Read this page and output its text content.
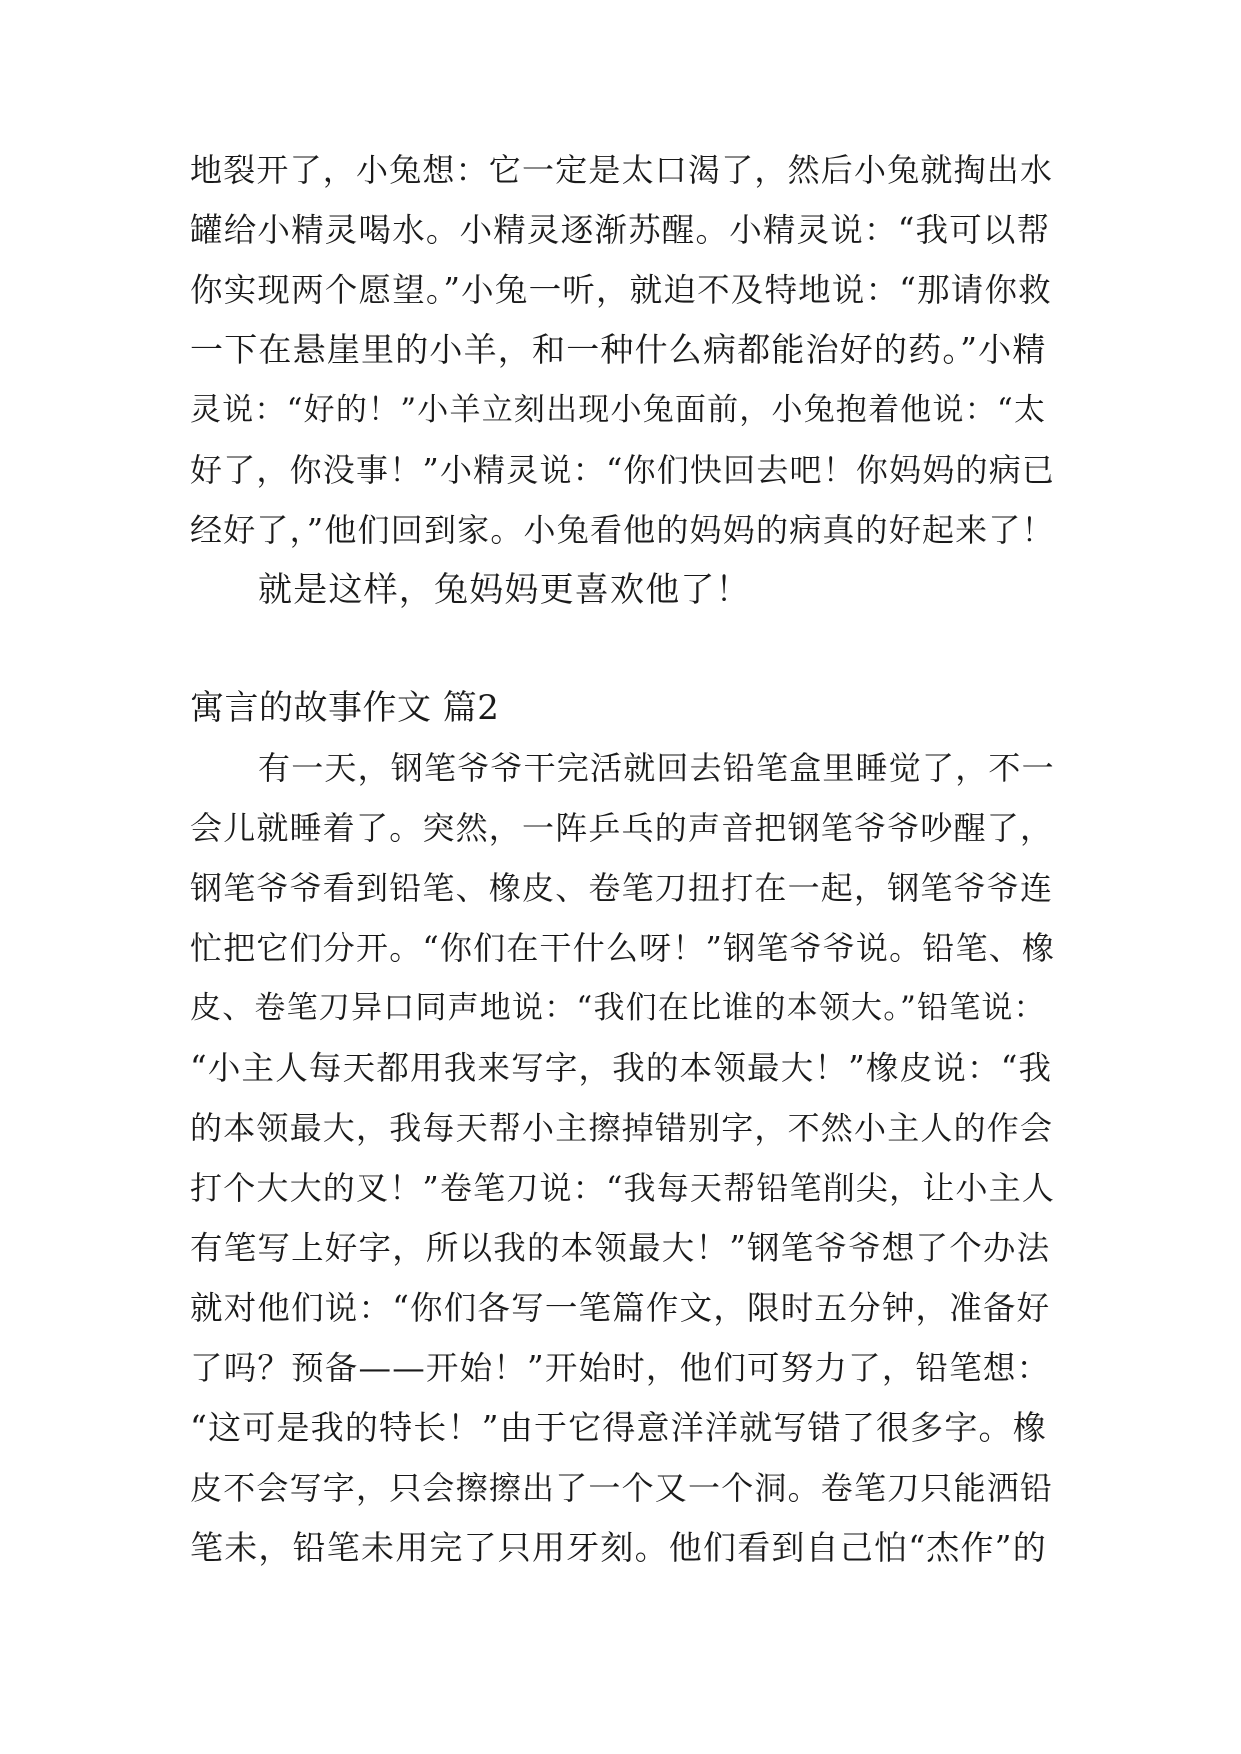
地裂开了，小兔想：它一定是太口渴了，然后小兔就掏出水
罐给小精灵喝水。小精灵逐渐苏醒。小精灵说：“我可以帮
你实现两个愿望。”小兔一听，就迫不及特地说：“那请你救
一下在悬崖里的小羊，和一种什么病都能治好的药。”小精
灵说：“好的！”小羊立刻出现小兔面前，小兔抱着他说：“太
好了，你没事！”小精灵说：“你们快回去吧！你妈妈的病已
经好了，”他们回到家。小兔看他的妈妈的病真的好起来了！
就是这样，兔妈妈更喜欢他了！
寓言的故事作文 篇2
有一天，钢笔爷爷干完活就回去铅笔盒里睡觉了，不一
会儿就睡着了。突然，一阵乒乓的声音把钢笔爷爷吵醒了，
钢笔爷爷看到铅笔、橡皮、卷笔刀扭打在一起，钢笔爷爷连
忙把它们分开。“你们在干什么呀！”钢笔爷爷说。铅笔、橡
皮、卷笔刀异口同声地说：“我们在比谁的本领大。”铅笔说：
“小主人每天都用我来写字，我的本领最大！”橡皮说：“我
的本领最大，我每天帮小主擦掉错别字，不然小主人的作会
打个大大的叉！”卷笔刀说：“我每天帮铅笔削尖，让小主人
有笔写上好字，所以我的本领最大！”钢笔爷爷想了个办法
就对他们说：“你们各写一笔篇作文，限时五分钟，准备好
了吗？预备——开始！”开始时，他们可努力了，铅笔想：
“这可是我的特长！”由于它得意洋洋就写错了很多字。橡
皮不会写字，只会擦擦出了一个又一个洞。卷笔刀只能洒铅
笔未，铅笔未用完了只用牙刻。他们看到自己怕“杰作”的
